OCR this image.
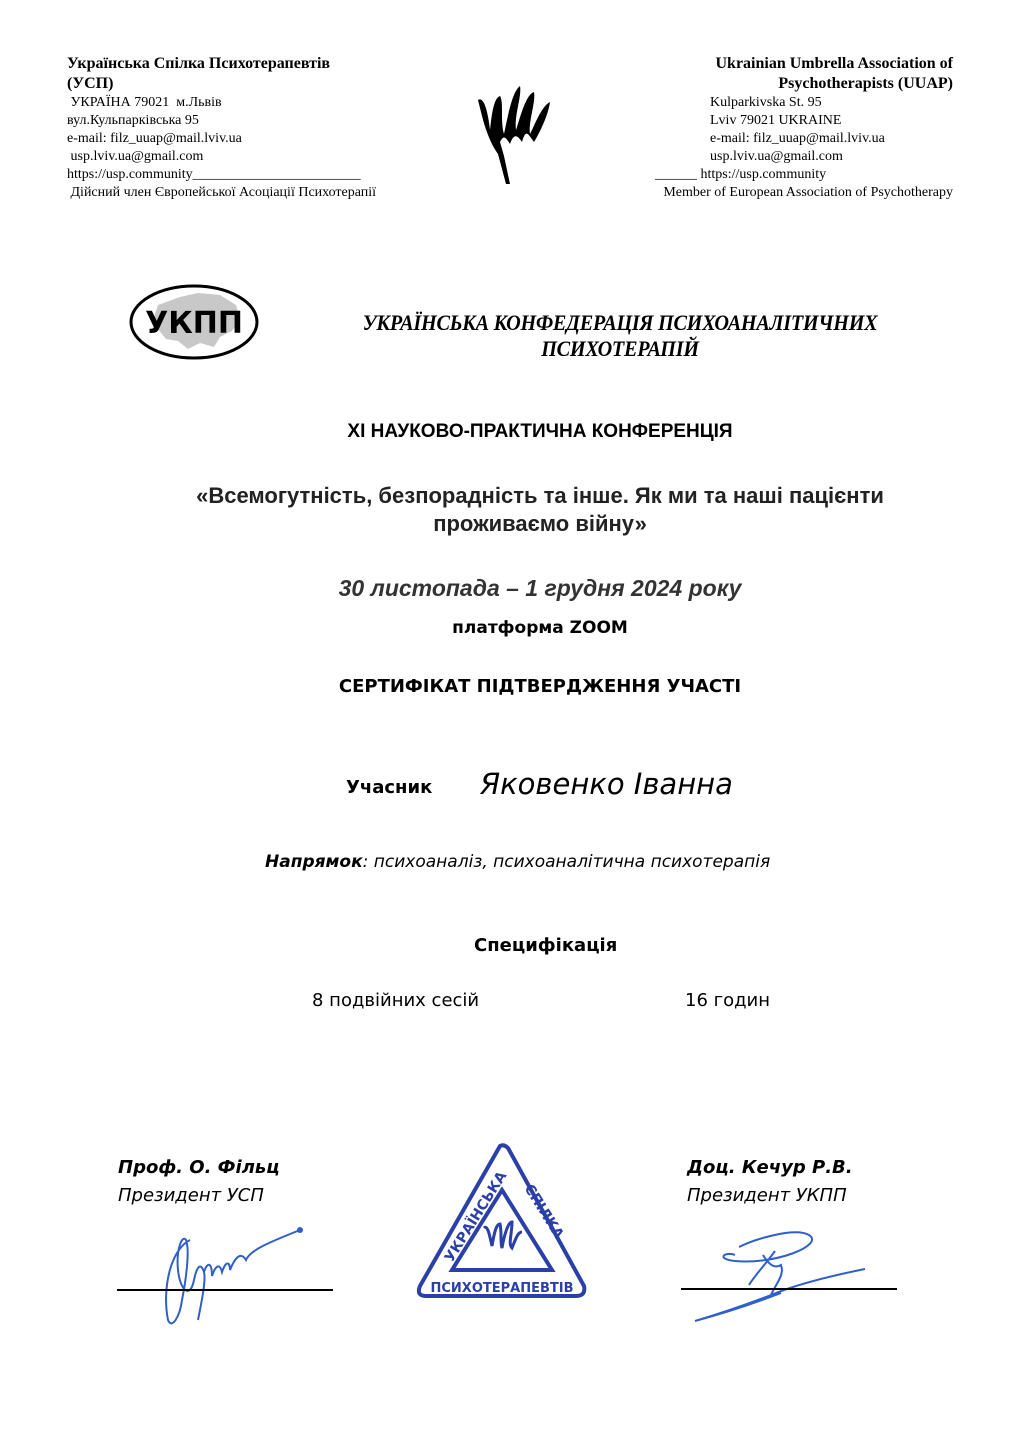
Українська Спілка Психотерапевтів
(УСП)
УКРАЇНА 79021  м.Львів
вул.Кульпарківська 95
e-mail: filz_uuap@mail.lviv.ua
usp.lviv.ua@gmail.com
https://usp.community________________________
Дійсний член Європейської Асоціації Психотерапії
Ukrainian Umbrella Association of
Psychotherapists (UUAP)
Kulparkivska St. 95
Lviv 79021 UKRAINE
e-mail: filz_uuap@mail.lviv.ua
usp.lviv.ua@gmail.com
______ https://usp.community
Member of European Association of Psychotherapy
УКПП	УКРАЇНСЬКА КОНФЕДЕРАЦІЯ ПСИХОАНАЛІТИЧНИХ
ПСИХОТЕРАПІЙ
XI НАУКОВО-ПРАКТИЧНА КОНФЕРЕНЦІЯ
«Всемогутність, безпорадність та інше. Як ми та наші пацієнти
проживаємо війну»
30 листопада – 1 грудня 2024 року
платформа ZOOM
СЕРТИФІКАТ ПІДТВЕРДЖЕННЯ УЧАСТІ
Учасник Яковенко Іванна
Напрямок: психоаналіз, психоаналітична психотерапія
Специфікація
8 подвійних сесій	16 годин
Проф. О. Фільц
Президент УСП	УКРАЇНСЬКА СПІЛКА
ПСИХОТЕРАПЕВТІВ
Доц. Кечур Р.В.
Президент УКПП
